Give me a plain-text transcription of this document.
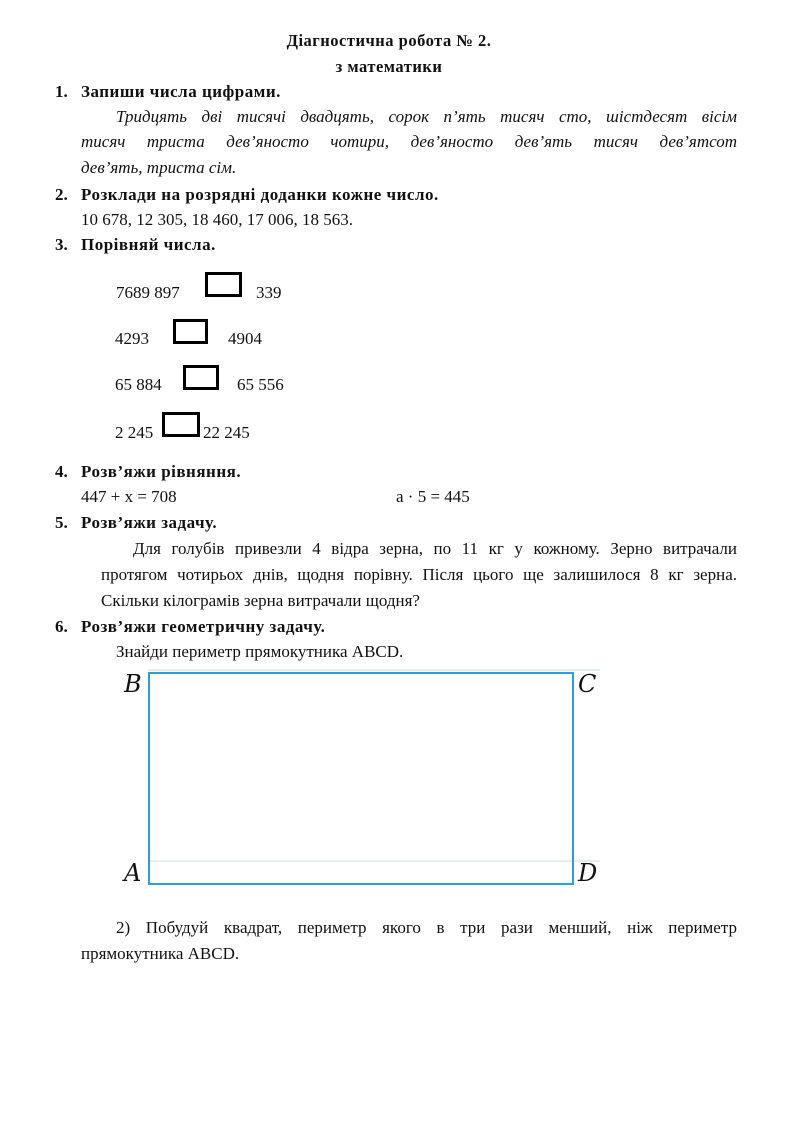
Діагностична робота № 2.
з математики
1. Запиши числа цифрами.
Тридцять дві тисячі двадцять, сорок п’ять тисяч сто, шістдесят вісім
тисяч триста дев’яносто чотири, дев’яносто дев’ять тисяч дев’ятсот
дев’ять, триста сім.
2. Розклади на розрядні доданки кожне число.
10 678, 12 305, 18 460, 17 006, 18 563.
3. Порівняй числа.
7689 897	339
4293	4904
65 884	65 556
2 245	22 245
4. Розв’яжи рівняння.
447 + x = 708	a · 5 = 445
5. Розв’яжи задачу.
Для голубів привезли 4 відра зерна, по 11 кг у кожному. Зерно витрачали
протягом чотирьох днів, щодня порівну. Після цього ще залишилося 8 кг зерна.
Скільки кілограмів зерна витрачали щодня?
6. Розв’яжи геометричну задачу.
Знайди периметр прямокутника ABCD.
B	C
A	D
2) Побудуй квадрат, периметр якого в три рази менший, ніж периметр
прямокутника ABCD.
